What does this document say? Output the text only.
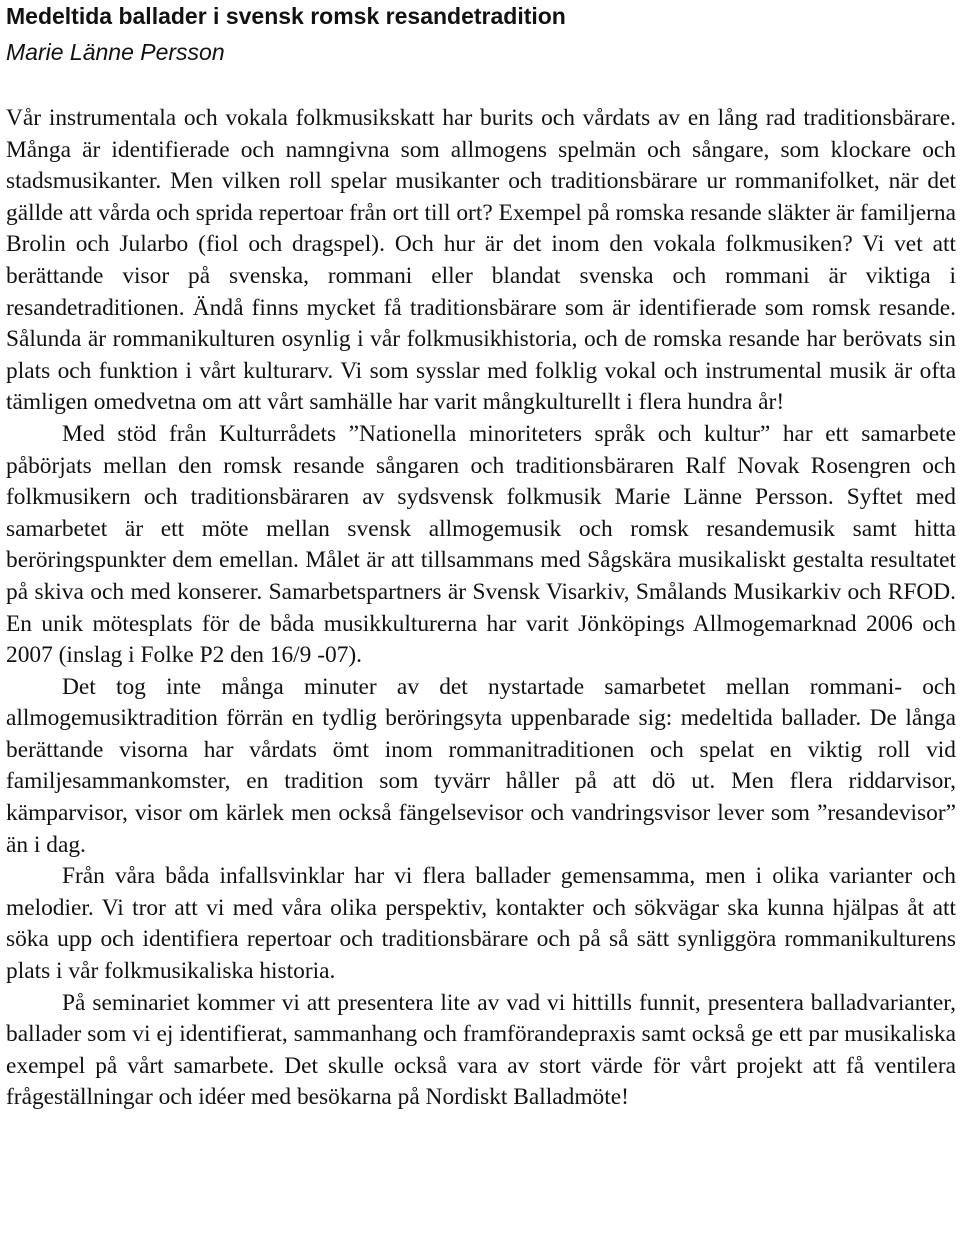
Medeltida ballader i svensk romsk resandetradition
Marie Länne Persson

Vår instrumentala och vokala folkmusikskatt har burits och vårdats av en lång rad traditionsbärare. Många är identifierade och namngivna som allmogens spelmän och sångare, som klockare och stadsmusikanter. Men vilken roll spelar musikanter och traditionsbärare ur rommanifolket, när det gällde att vårda och sprida repertoar från ort till ort? Exempel på romska resande släkter är familjerna Brolin och Jularbo (fiol och dragspel). Och hur är det inom den vokala folkmusiken? Vi vet att berättande visor på svenska, rommani eller blandat svenska och rommani är viktiga i resandetraditionen. Ändå finns mycket få traditionsbärare som är identifierade som romsk resande. Sålunda är rommanikulturen osynlig i vår folkmusikhistoria, och de romska resande har berövats sin plats och funktion i vårt kulturarv. Vi som sysslar med folklig vokal och instrumental musik är ofta tämligen omedvetna om att vårt samhälle har varit mångkulturellt i flera hundra år!

Med stöd från Kulturrådets ”Nationella minoriteters språk och kultur” har ett samarbete påbörjats mellan den romsk resande sångaren och traditionsbäraren Ralf Novak Rosengren och folkmusikern och traditionsbäraren av sydsvensk folkmusik Marie Länne Persson. Syftet med samarbetet är ett möte mellan svensk allmogemusik och romsk resandemusik samt hitta beröringspunkter dem emellan. Målet är att tillsammans med Sågskära musikaliskt gestalta resultatet på skiva och med konserer. Samarbetspartners är Svensk Visarkiv, Smålands Musikarkiv och RFOD. En unik mötesplats för de båda musikkulturerna har varit Jönköpings Allmogemarknad 2006 och 2007 (inslag i Folke P2 den 16/9 -07).

Det tog inte många minuter av det nystartade samarbetet mellan rommani- och allmogemusiktradition förrän en tydlig beröringsyta uppenbarade sig: medeltida ballader. De långa berättande visorna har vårdats ömt inom rommanitraditionen och spelat en viktig roll vid familjesammankomster, en tradition som tyvärr håller på att dö ut. Men flera riddarvisor, kämparvisor, visor om kärlek men också fängelsevisor och vandringsvisor lever som ”resandevisor” än i dag.

Från våra båda infallsvinklar har vi flera ballader gemensamma, men i olika varianter och melodier. Vi tror att vi med våra olika perspektiv, kontakter och sökvägar ska kunna hjälpas åt att söka upp och identifiera repertoar och traditionsbärare och på så sätt synliggöra rommanikulturens plats i vår folkmusikaliska historia.

På seminariet kommer vi att presentera lite av vad vi hittills funnit, presentera balladvarianter, ballader som vi ej identifierat, sammanhang och framförandepraxis samt också ge ett par musikaliska exempel på vårt samarbete. Det skulle också vara av stort värde för vårt projekt att få ventilera frågeställningar och idéer med besökarna på Nordiskt Balladmöte!
